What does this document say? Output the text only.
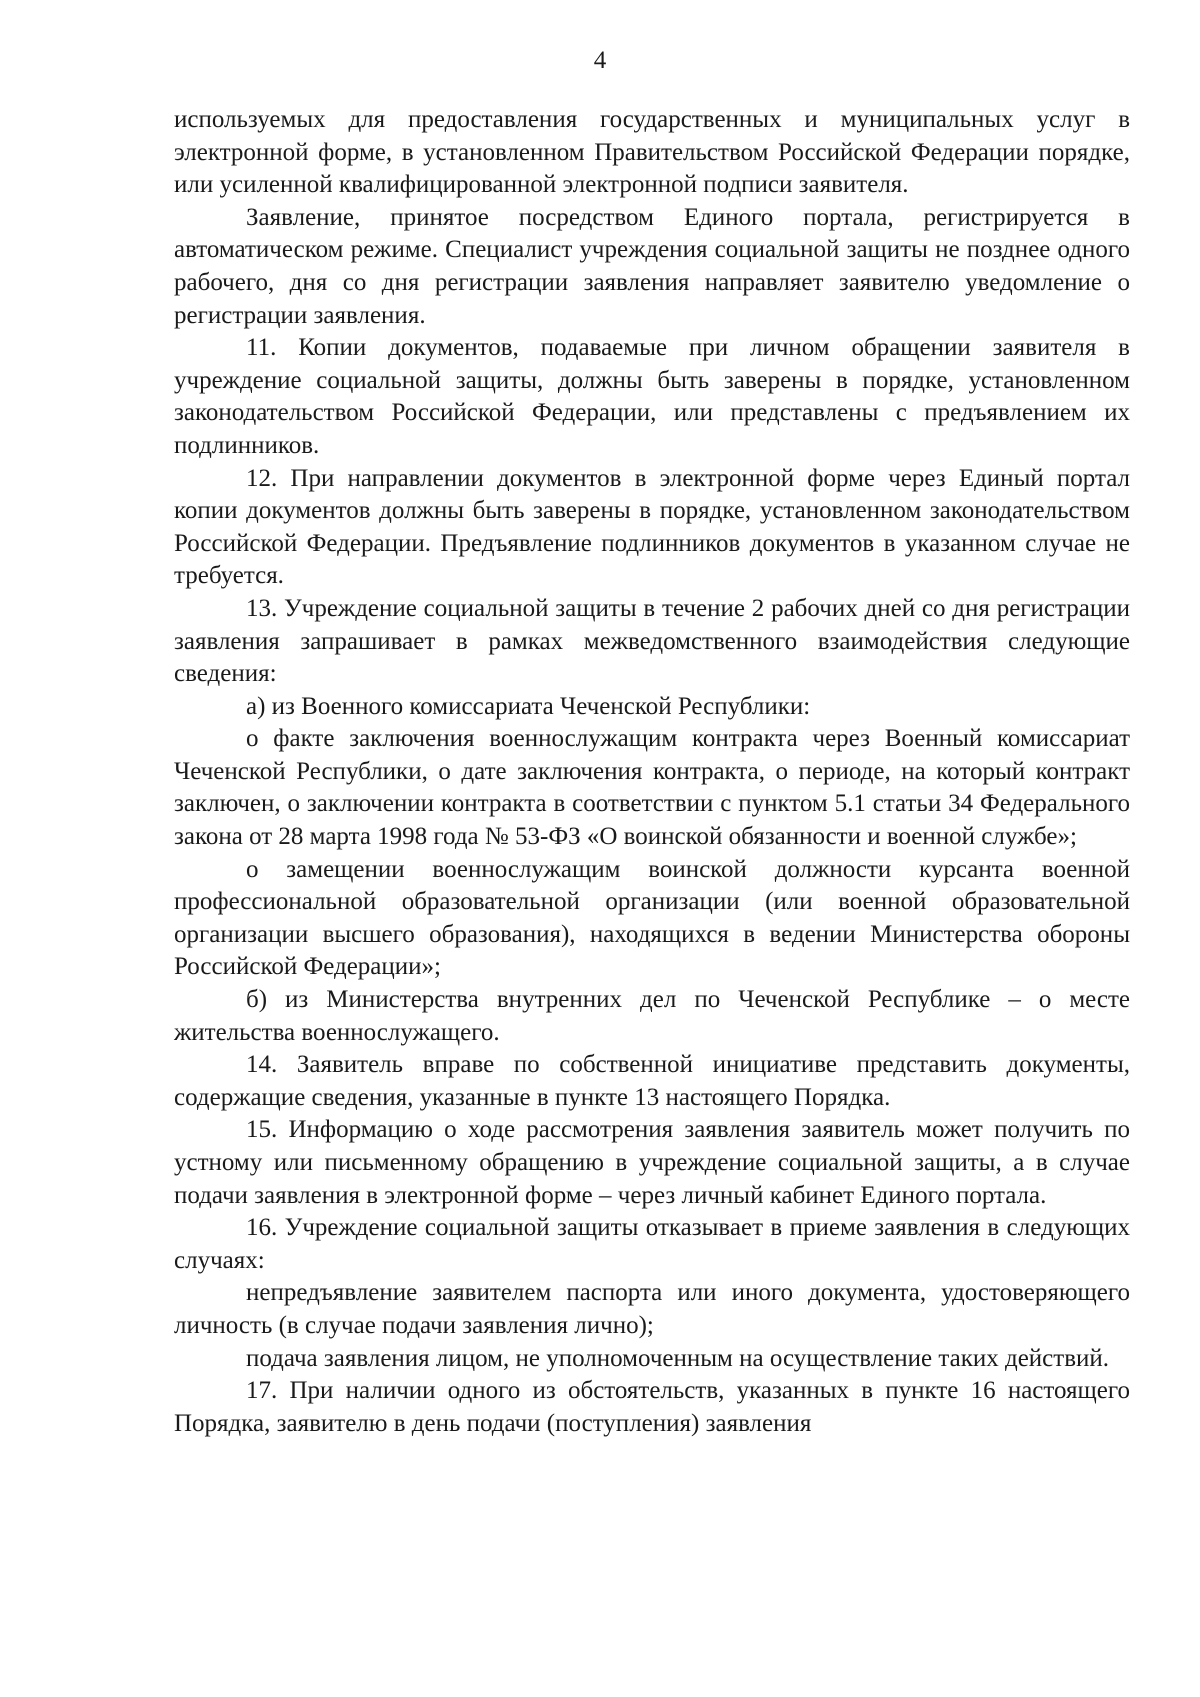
4

используемых для предоставления государственных и муниципальных услуг в электронной форме, в установленном Правительством Российской Федерации порядке, или усиленной квалифицированной электронной подписи заявителя.

Заявление, принятое посредством Единого портала, регистрируется в автоматическом режиме. Специалист учреждения социальной защиты не позднее одного рабочего, дня со дня регистрации заявления направляет заявителю уведомление о регистрации заявления.

11. Копии документов, подаваемые при личном обращении заявителя в учреждение социальной защиты, должны быть заверены в порядке, установленном законодательством Российской Федерации, или представлены с предъявлением их подлинников.

12. При направлении документов в электронной форме через Единый портал копии документов должны быть заверены в порядке, установленном законодательством Российской Федерации. Предъявление подлинников документов в указанном случае не требуется.

13. Учреждение социальной защиты в течение 2 рабочих дней со дня регистрации заявления запрашивает в рамках межведомственного взаимодействия следующие сведения:

а) из Военного комиссариата Чеченской Республики:

о факте заключения военнослужащим контракта через Военный комиссариат Чеченской Республики, о дате заключения контракта, о периоде, на который контракт заключен, о заключении контракта в соответствии с пунктом 5.1 статьи 34 Федерального закона от 28 марта 1998 года № 53-ФЗ «О воинской обязанности и военной службе»;

о замещении военнослужащим воинской должности курсанта военной профессиональной образовательной организации (или военной образовательной организации высшего образования), находящихся в ведении Министерства обороны Российской Федерации»;

б) из Министерства внутренних дел по Чеченской Республике – о месте жительства военнослужащего.

14. Заявитель вправе по собственной инициативе представить документы, содержащие сведения, указанные в пункте 13 настоящего Порядка.

15. Информацию о ходе рассмотрения заявления заявитель может получить по устному или письменному обращению в учреждение социальной защиты, а в случае подачи заявления в электронной форме – через личный кабинет Единого портала.

16. Учреждение социальной защиты отказывает в приеме заявления в следующих случаях:

непредъявление заявителем паспорта или иного документа, удостоверяющего личность (в случае подачи заявления лично);

подача заявления лицом, не уполномоченным на осуществление таких действий.

17. При наличии одного из обстоятельств, указанных в пункте 16 настоящего Порядка, заявителю в день подачи (поступления) заявления
